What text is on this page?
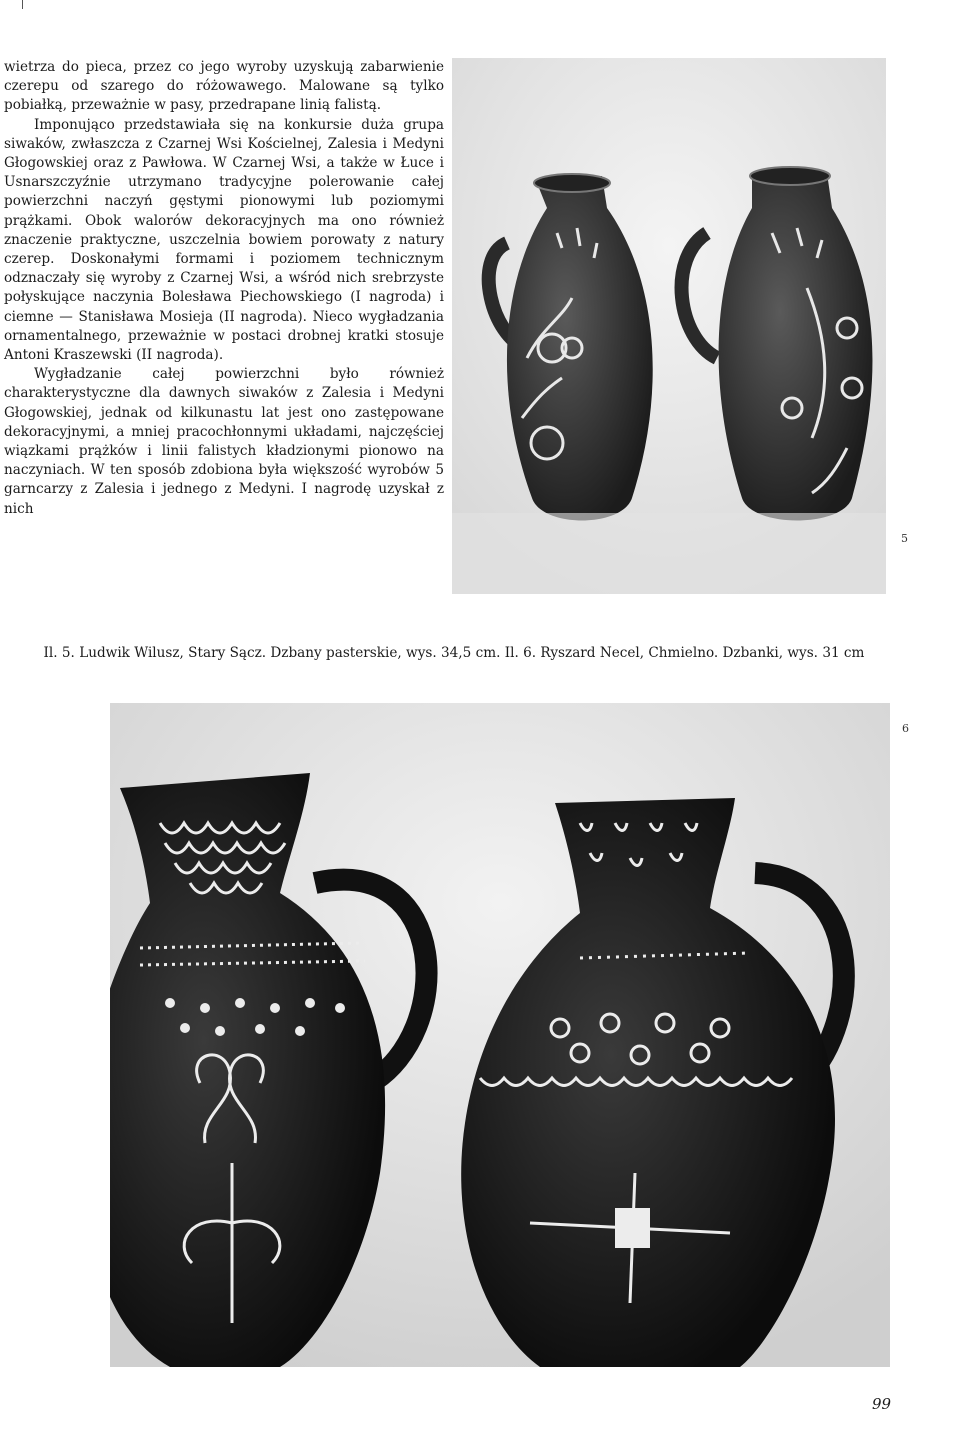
wietrza do pieca, przez co jego wyroby uzyskują zabarwienie czerepu od szarego do różowawego. Malowane są tylko pobiałką, przeważnie w pasy, przedrapane linią falistą.

Imponująco przedstawiała się na konkursie duża grupa siwaków, zwłaszcza z Czarnej Wsi Kościelnej, Zalesia i Medyni Głogowskiej oraz z Pawłowa. W Czarnej Wsi, a także w Łuce i Usnarszczyźnie utrzymano tradycyjne polerowanie całej powierzchni naczyń gęstymi pionowymi lub poziomymi prążkami. Obok walorów dekoracyjnych ma ono również znaczenie praktyczne, uszczelnia bowiem porowaty z natury czerep. Doskonałymi formami i poziomem technicznym odznaczały się wyroby z Czarnej Wsi, a wśród nich srebrzyste połyskujące naczynia Bolesława Piechowskiego (I nagroda) i ciemne — Stanisława Mosieja (II nagroda). Nieco wygładzania ornamentalnego, przeważnie w postaci drobnej kratki stosuje Antoni Kraszewski (II nagroda).

Wygładzanie całej powierzchni było również charakterystyczne dla dawnych siwaków z Zalesia i Medyni Głogowskiej, jednak od kilkunastu lat jest ono zastępowane dekoracyjnymi, a mniej pracochłonnymi układami, najczęściej wiązkami prążków i linii falistych kładzionymi pionowo na naczyniach. W ten sposób zdobiona była większość wyrobów 5 garncarzy z Zalesia i jednego z Medyni. I nagrodę uzyskał z nich

5
Il. 5. Ludwik Wilusz, Stary Sącz. Dzbany pasterskie, wys. 34,5 cm. Il. 6. Ryszard Necel, Chmielno. Dzbanki, wys. 31 cm
6
99
